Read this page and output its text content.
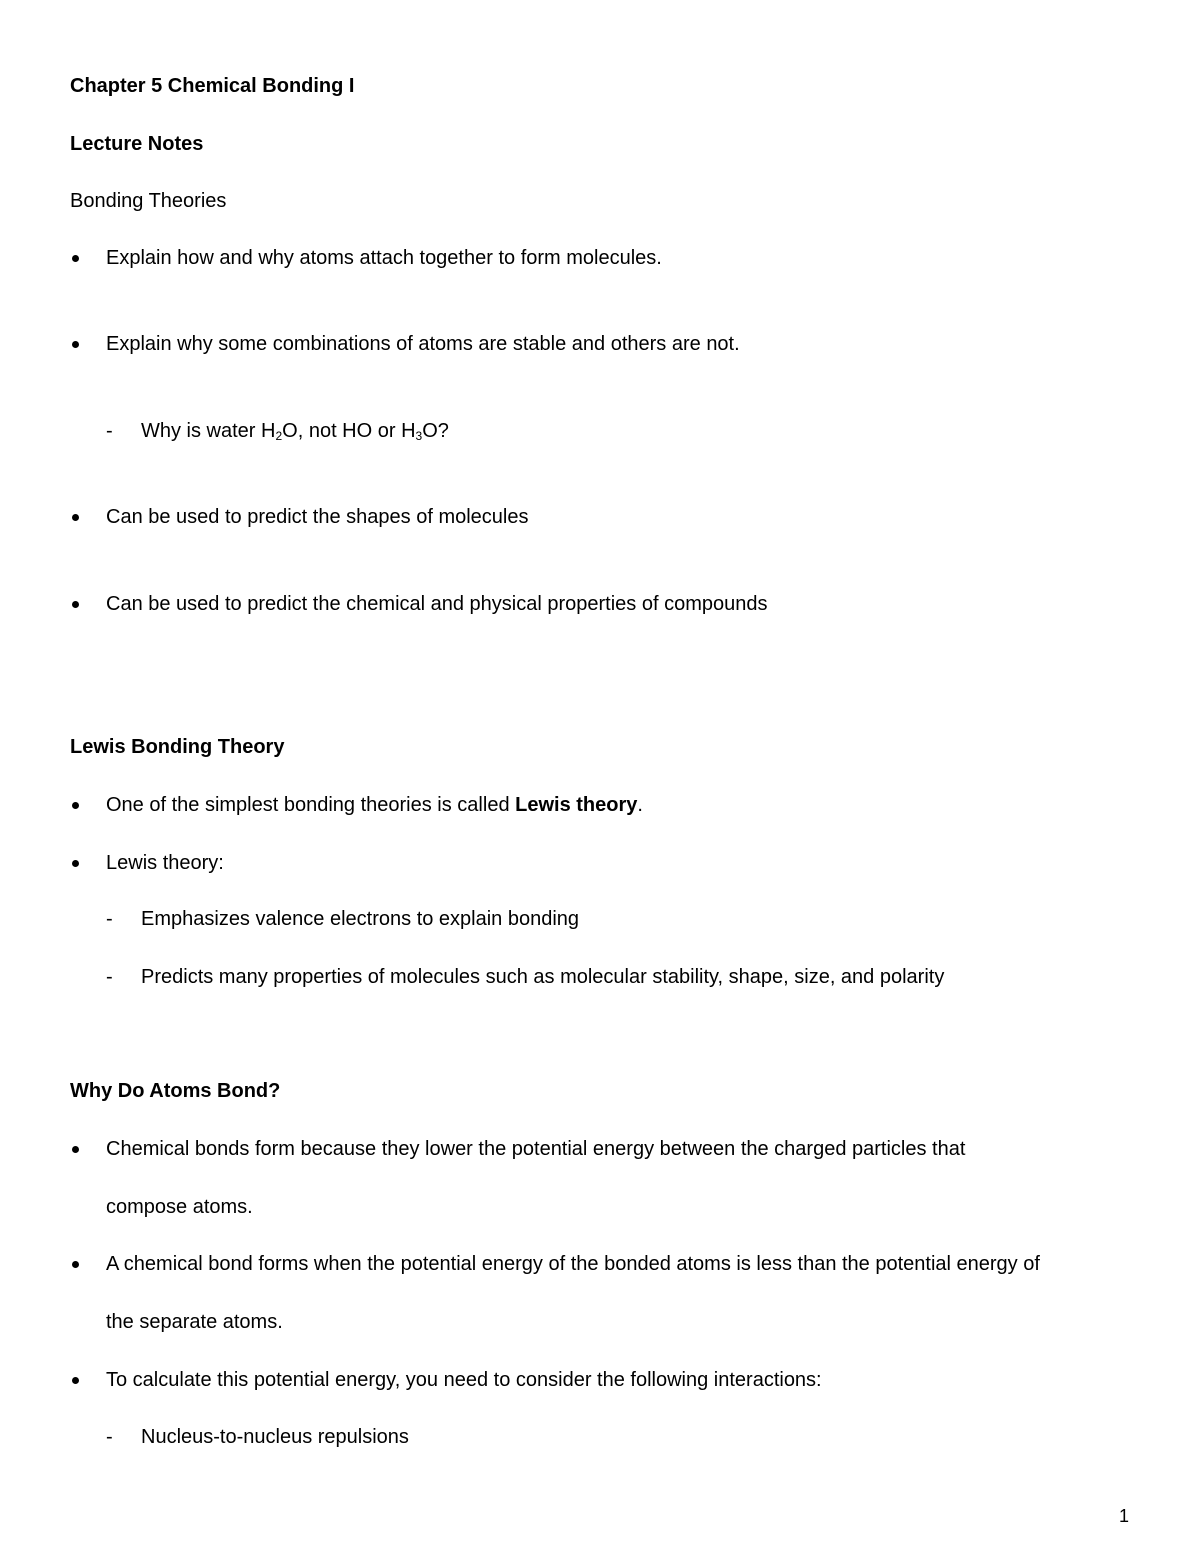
Chapter 5 Chemical Bonding I
Lecture Notes
Bonding Theories
Explain how and why atoms attach together to form molecules.
Explain why some combinations of atoms are stable and others are not.
- Why is water $H_2O$, not HO or $H_3O$?
Can be used to predict the shapes of molecules
Can be used to predict the chemical and physical properties of compounds
Lewis Bonding Theory
One of the simplest bonding theories is called Lewis theory.
Lewis theory:
- Emphasizes valence electrons to explain bonding
- Predicts many properties of molecules such as molecular stability, shape, size, and polarity
Why Do Atoms Bond?
Chemical bonds form because they lower the potential energy between the charged particles that
compose atoms.
A chemical bond forms when the potential energy of the bonded atoms is less than the potential energy of
the separate atoms.
To calculate this potential energy, you need to consider the following interactions:
- Nucleus-to-nucleus repulsions
1
